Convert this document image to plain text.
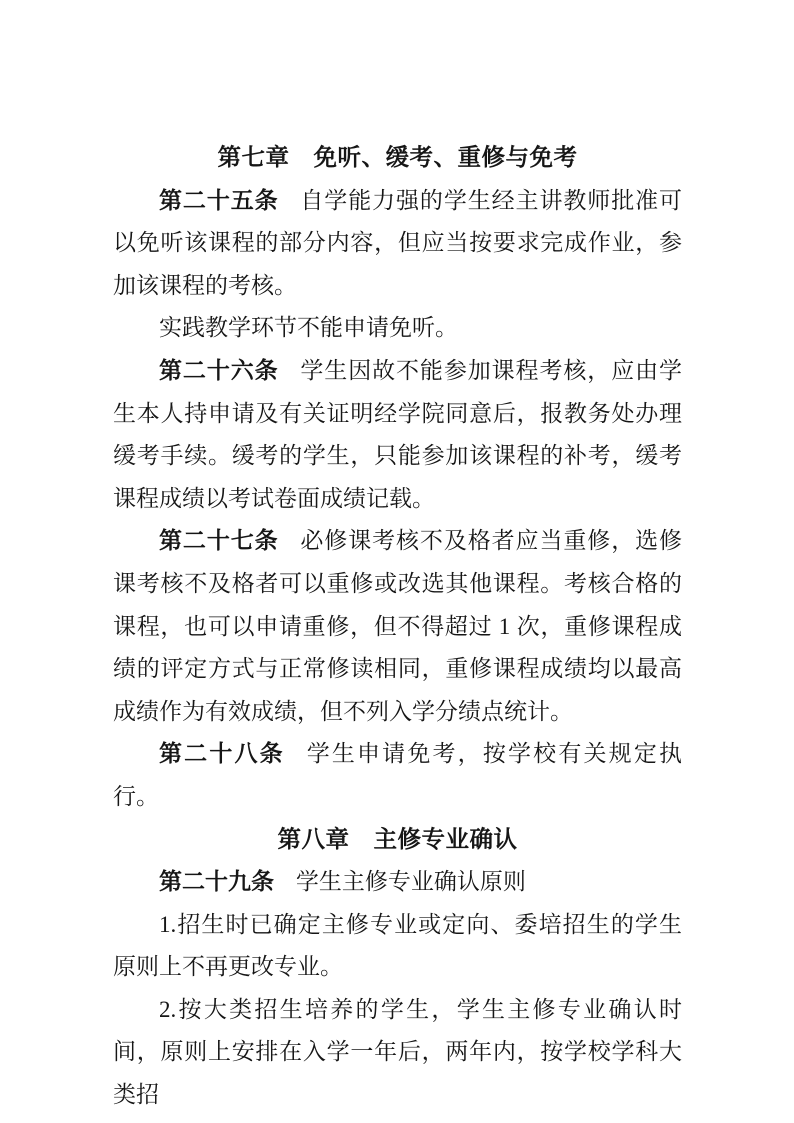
第七章　免听、缓考、重修与免考

第二十五条 自学能力强的学生经主讲教师批准可以免听该课程的部分内容，但应当按要求完成作业，参加该课程的考核。

实践教学环节不能申请免听。

第二十六条 学生因故不能参加课程考核，应由学生本人持申请及有关证明经学院同意后，报教务处办理缓考手续。缓考的学生，只能参加该课程的补考，缓考课程成绩以考试卷面成绩记载。

第二十七条 必修课考核不及格者应当重修，选修课考核不及格者可以重修或改选其他课程。考核合格的课程，也可以申请重修，但不得超过 1 次，重修课程成绩的评定方式与正常修读相同，重修课程成绩均以最高成绩作为有效成绩，但不列入学分绩点统计。

第二十八条 学生申请免考，按学校有关规定执行。

第八章　主修专业确认

第二十九条 学生主修专业确认原则

1.招生时已确定主修专业或定向、委培招生的学生原则上不再更改专业。

2.按大类招生培养的学生，学生主修专业确认时间，原则上安排在入学一年后，两年内，按学校学科大类招
